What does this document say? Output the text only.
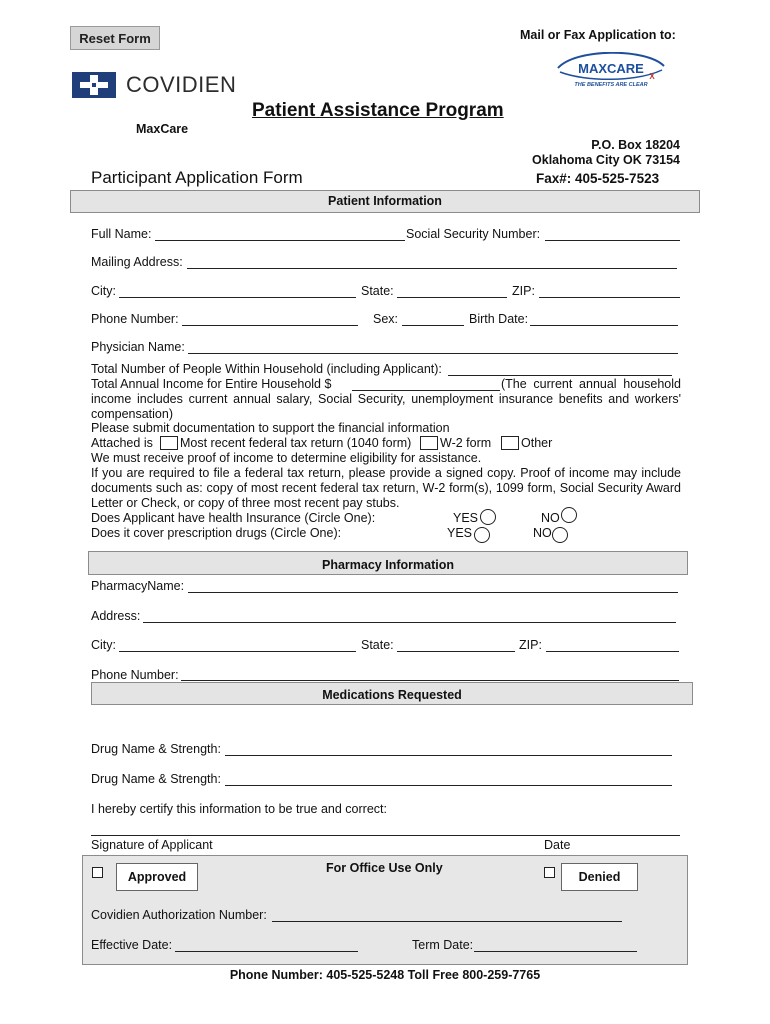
Reset Form	Mail or Fax Application to:
COVIDIEN
MAXCARE
X
THE BENEFITS ARE CLEAR
Patient Assistance Program
MaxCare
P.O. Box 18204
Oklahoma City OK 73154
Participant Application Form	Fax#: 405-525-7523
Patient Information
Full Name:	Social Security Number:
Mailing Address:
City:	State:	ZIP:
Phone Number:	Sex:	Birth Date:
Physician Name:
Total Number of People Within Household (including Applicant):
Total Annual Income for Entire Household $	(The current annual household income includes current annual salary, Social Security, unemployment insurance benefits and workers' compensation)
Please submit documentation to support the financial information
Attached is Most recent federal tax return (1040 form) W-2 form Other
We must receive proof of income to determine eligibility for assistance.
If you are required to file a federal tax return, please provide a signed copy. Proof of income may include documents such as: copy of most recent federal tax return, W-2 form(s), 1099 form, Social Security Award Letter or Check, or copy of three most recent pay stubs.
Does Applicant have health Insurance (Circle One):	YES	NO
Does it cover prescription drugs (Circle One):	YES	NO
Pharmacy Information
PharmacyName:
Address:
City:	State:	ZIP:
Phone Number:
Medications Requested
Drug Name & Strength:
Drug Name & Strength:
I hereby certify this information to be true and correct:
Signature of Applicant	Date
Approved
For Office Use Only
Denied
Covidien Authorization Number:
Effective Date:	Term Date:
Phone Number: 405-525-5248 Toll Free 800-259-7765
